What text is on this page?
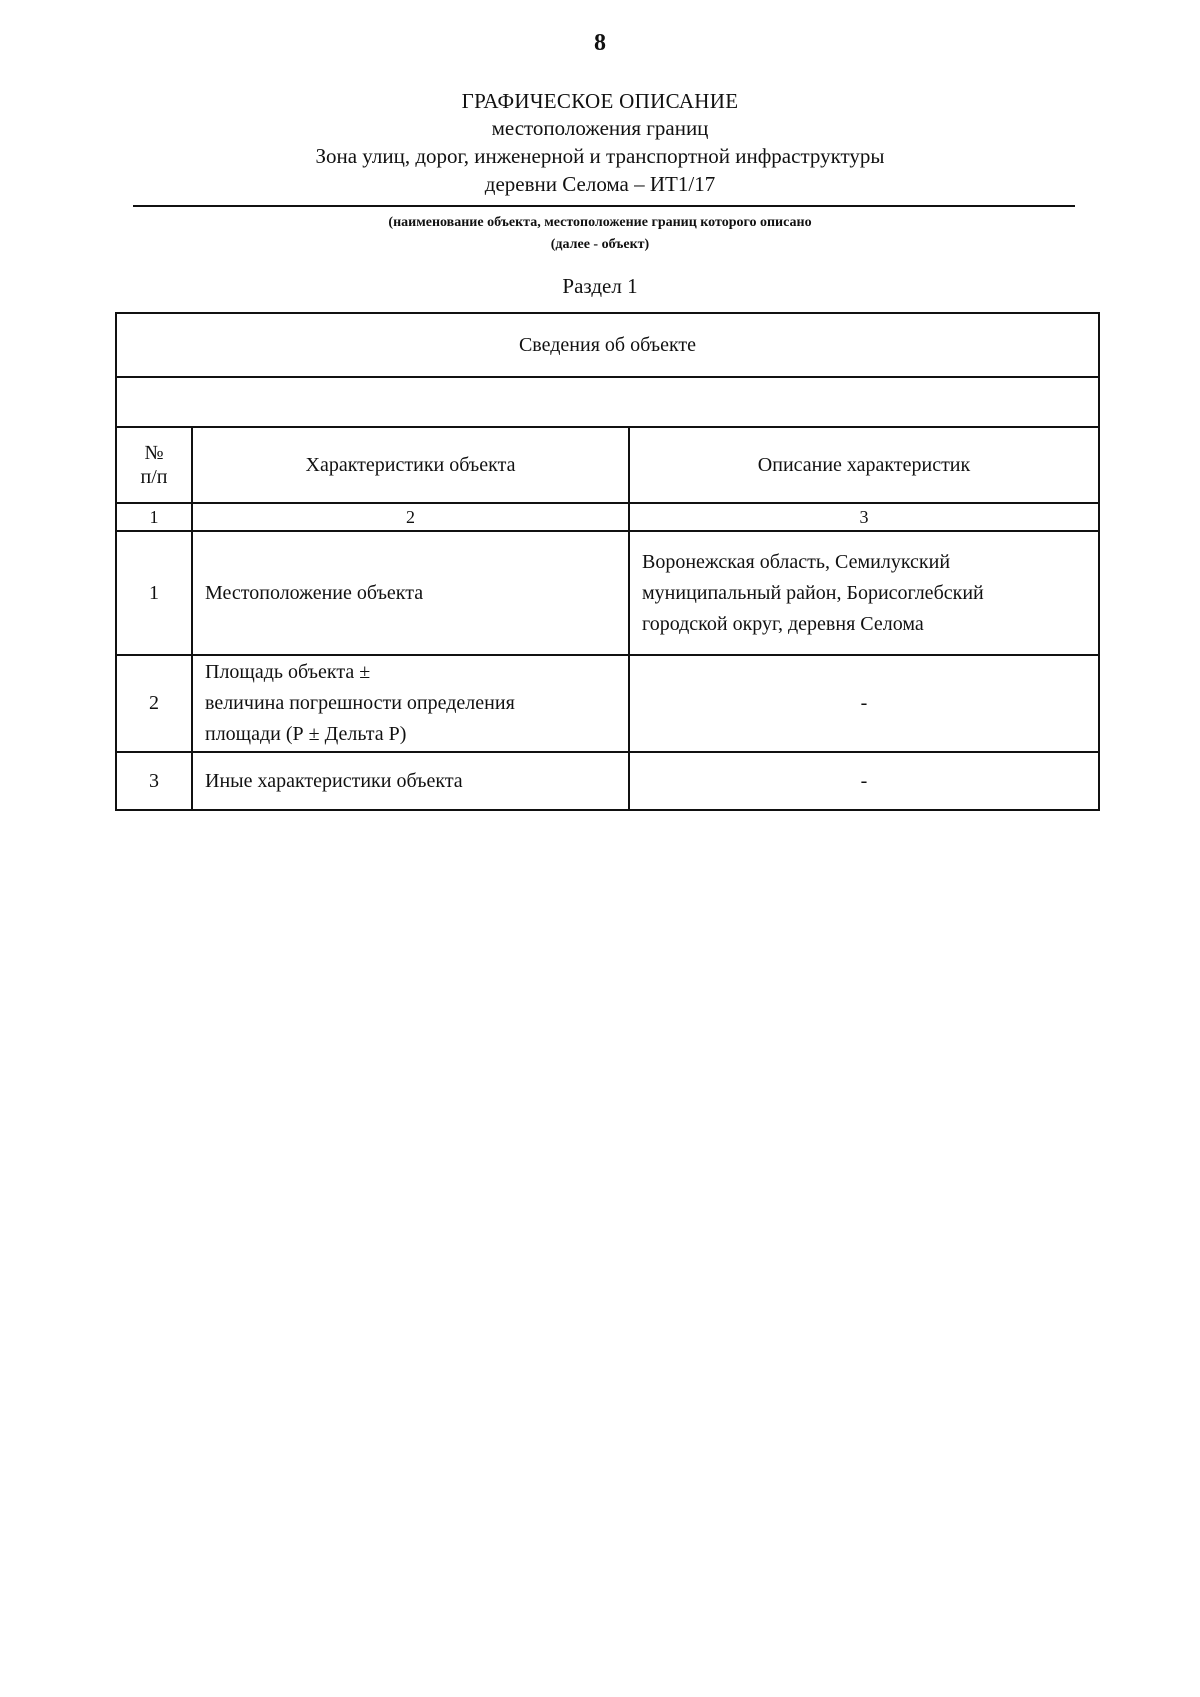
8
ГРАФИЧЕСКОЕ ОПИСАНИЕ
местоположения границ
Зона улиц, дорог, инженерной и транспортной инфраструктуры
деревни Селома – ИТ1/17
(наименование объекта, местоположение границ которого описано
(далее - объект)
Раздел 1
Сведения об объекте		

№
п/п	Характеристики объекта	Описание характеристик
1	2	3
1	Местоположение объекта	Воронежская область, Семилукский
муниципальный район, Борисоглебский
городской округ, деревня Селома

2	Площадь объекта ±
величина погрешности определения
площади (Р ± Дельта Р)	-
3	Иные характеристики объекта	-
